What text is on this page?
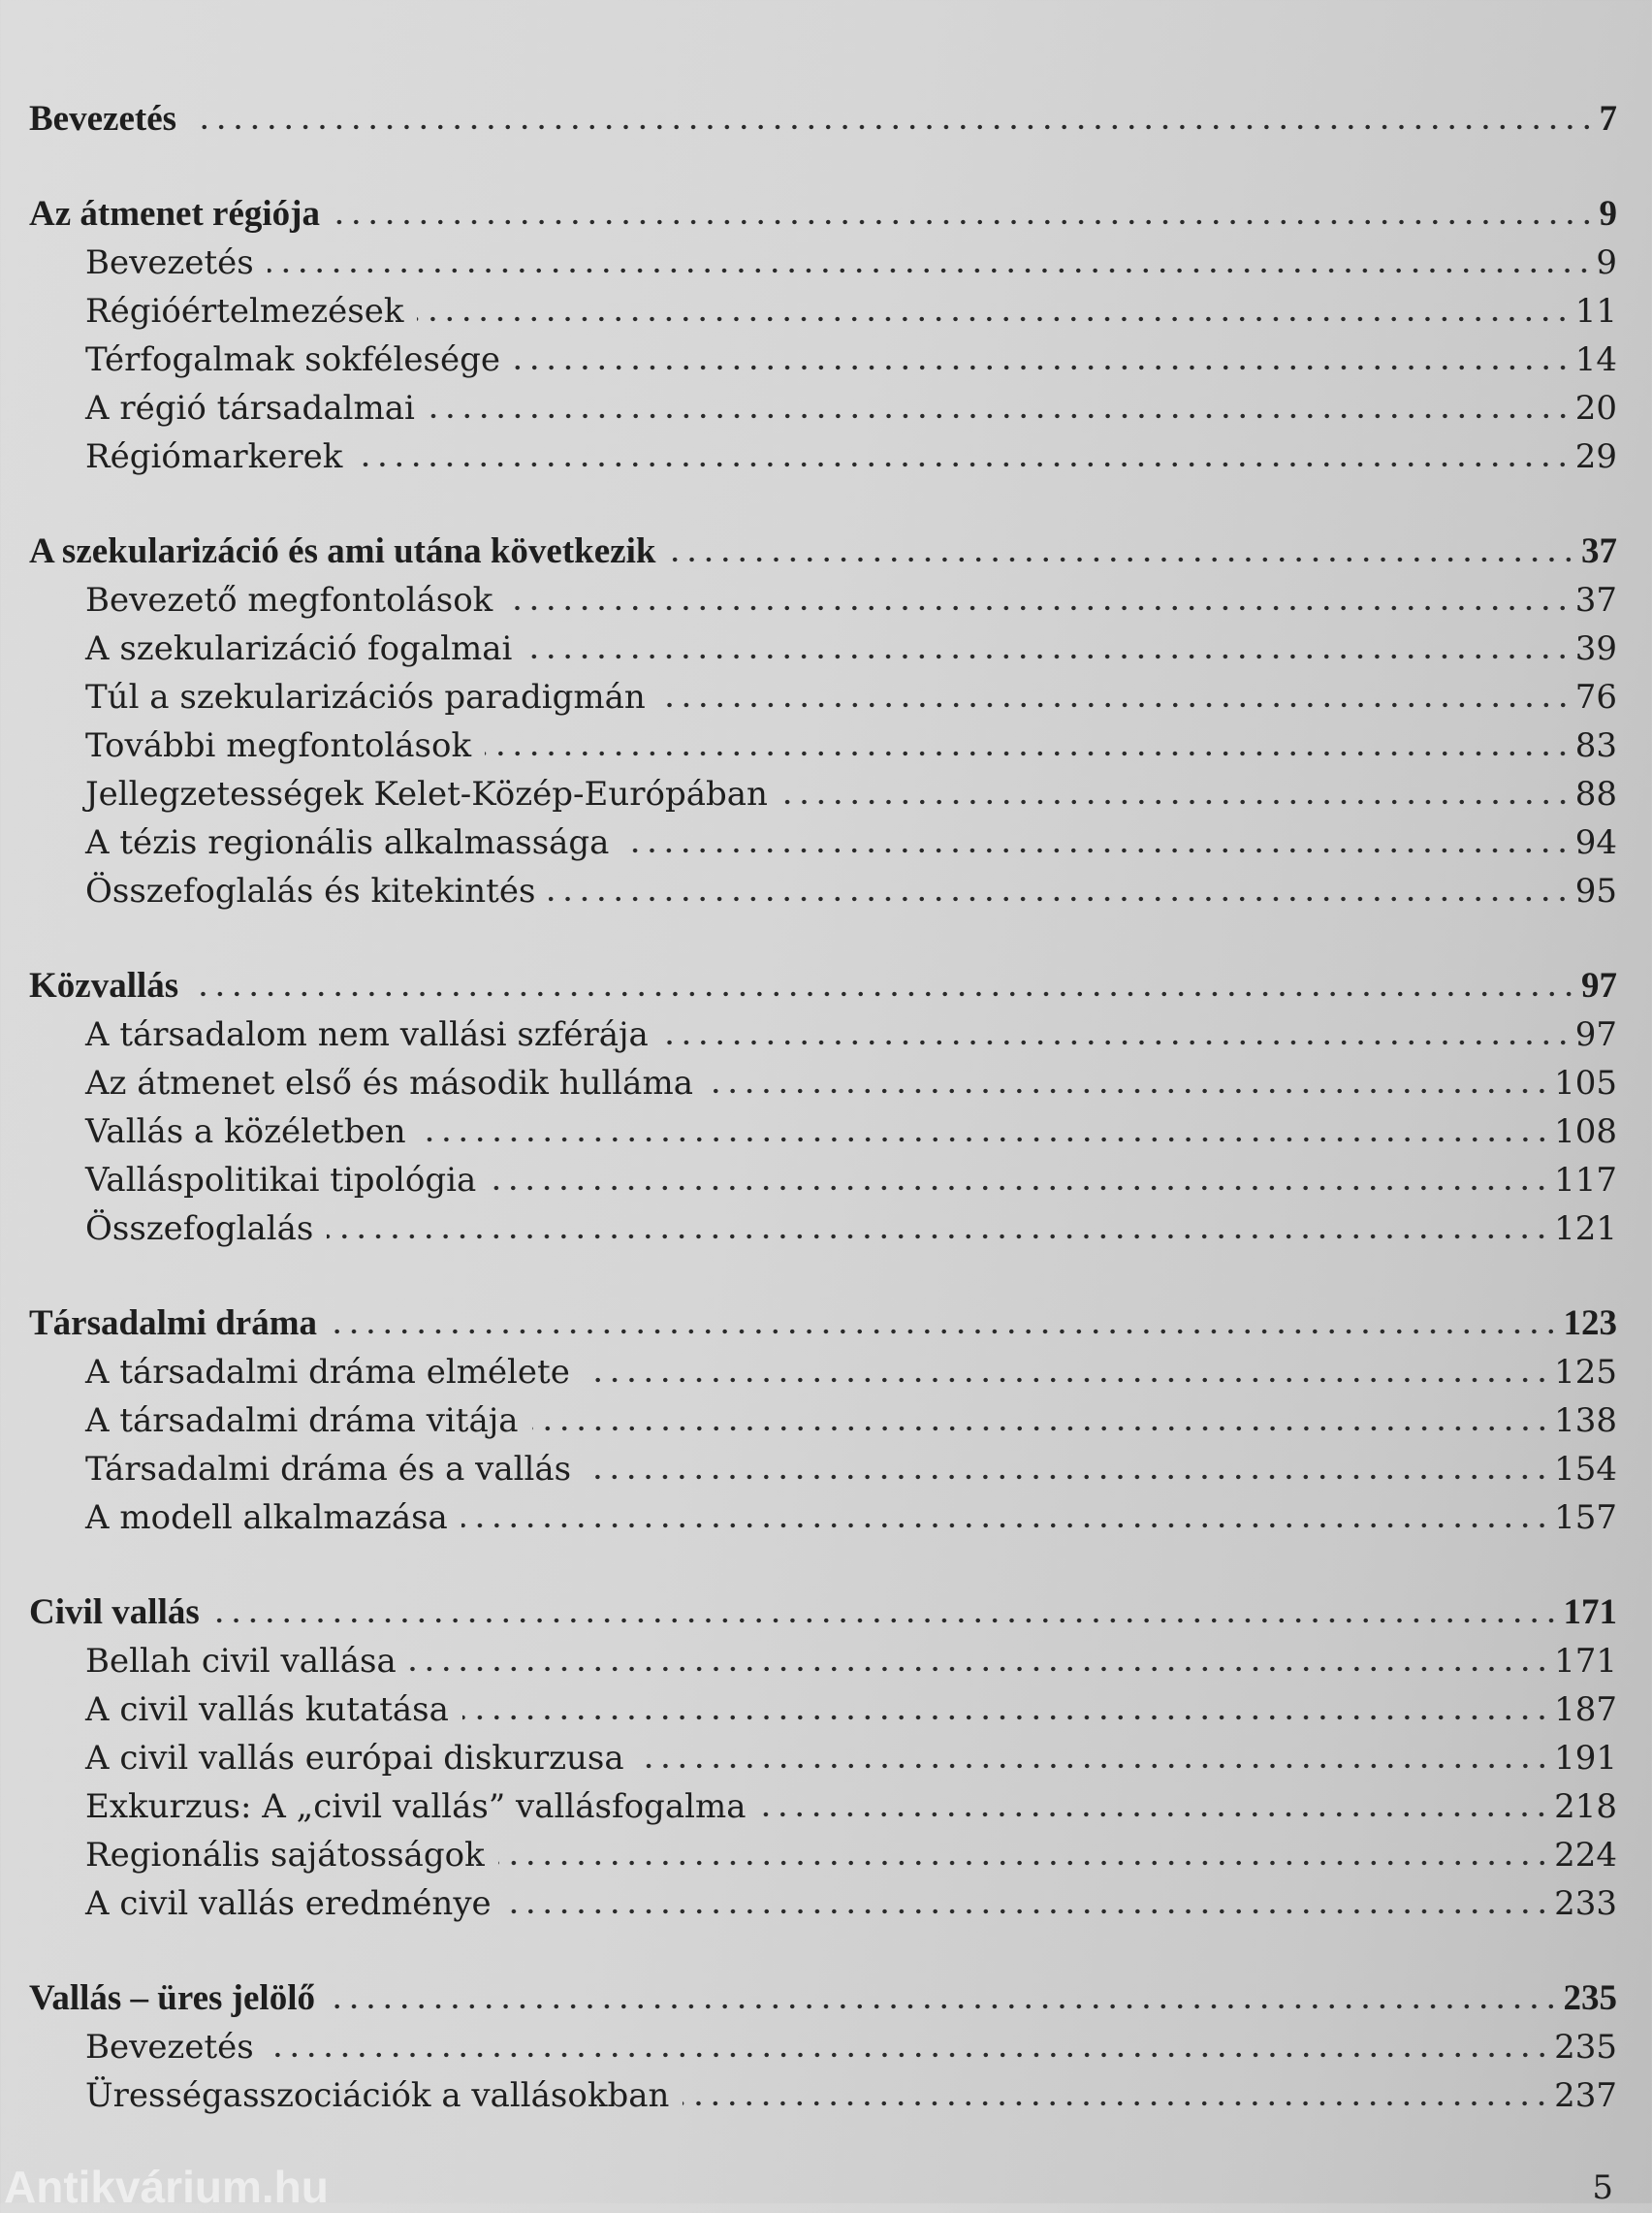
Bevezetés	7
Az átmenet régiója	9
Bevezetés	9
Régióértelmezések	11
Térfogalmak sokfélesége	14
A régió társadalmai	20
Régiómarkerek	29
A szekularizáció és ami utána következik	37
Bevezető megfontolások	37
A szekularizáció fogalmai	39
Túl a szekularizációs paradigmán	76
További megfontolások	83
Jellegzetességek Kelet-Közép-Európában	88
A tézis regionális alkalmassága	94
Összefoglalás és kitekintés	95
Közvallás	97
A társadalom nem vallási szférája	97
Az átmenet első és második hulláma	105
Vallás a közéletben	108
Valláspolitikai tipológia	117
Összefoglalás	121
Társadalmi dráma	123
A társadalmi dráma elmélete	125
A társadalmi dráma vitája	138
Társadalmi dráma és a vallás	154
A modell alkalmazása	157
Civil vallás	171
Bellah civil vallása	171
A civil vallás kutatása	187
A civil vallás európai diskurzusa	191
Exkurzus: A „civil vallás” vallásfogalma	218
Regionális sajátosságok	224
A civil vallás eredménye	233
Vallás – üres jelölő	235
Bevezetés	235
Ürességasszociációk a vallásokban	237
Antikvárium.hu	5
